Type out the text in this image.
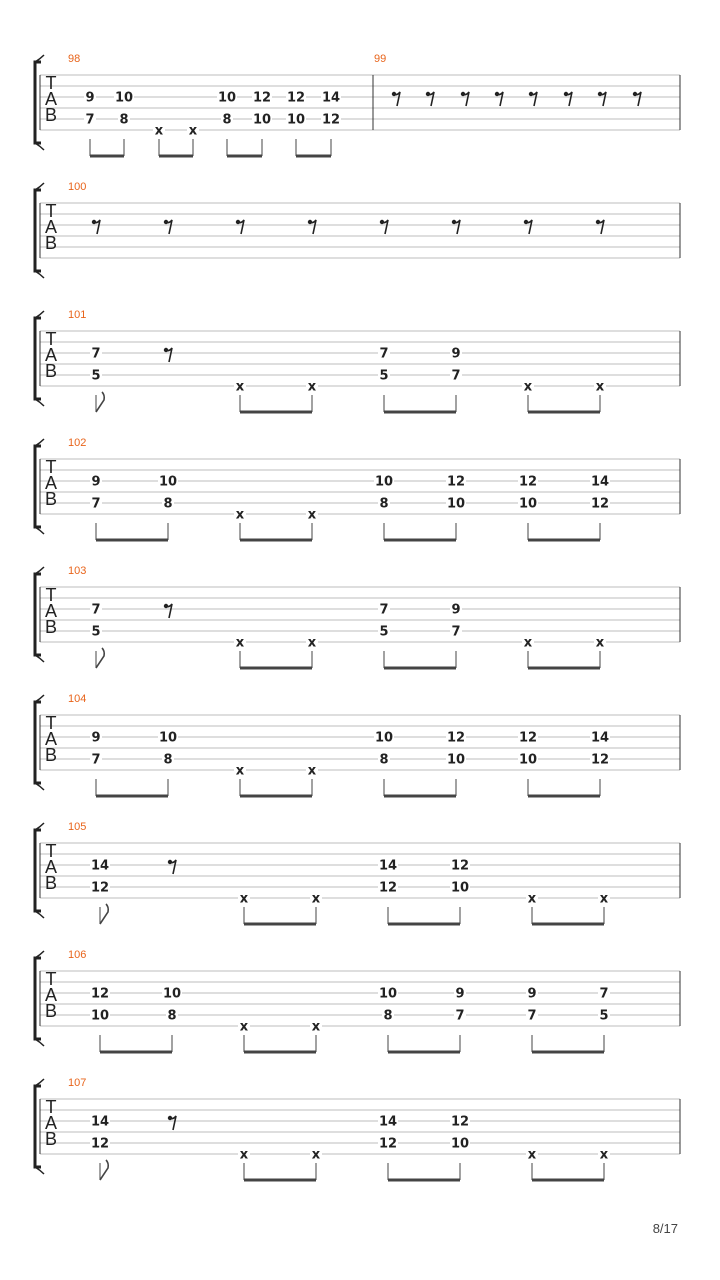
T
A
B
98
9
7
10
8
x x
10
8
12
10
12
10
14
12
99
T
A
B
100
T
A
B
101
7
5
x	x
7
5
9
7
x	x
T
A
B
102
9
7
10
8
x	x
10
8
12
10
12
10
14
12
T
A
B
103
7
5
x	x
7
5
9
7
x	x
T
A
B
104
9
7
10
8
x	x
10
8
12
10
12
10
14
12
T
A
B
105
14
12
x	x
14
12
12
10
x	x
T
A
B
106
12
10
10
8
x	x
10
8
9
7
9
7
7
5
T
A
B
107
14
12
x	x
14
12
12
10
x	x
8/17
